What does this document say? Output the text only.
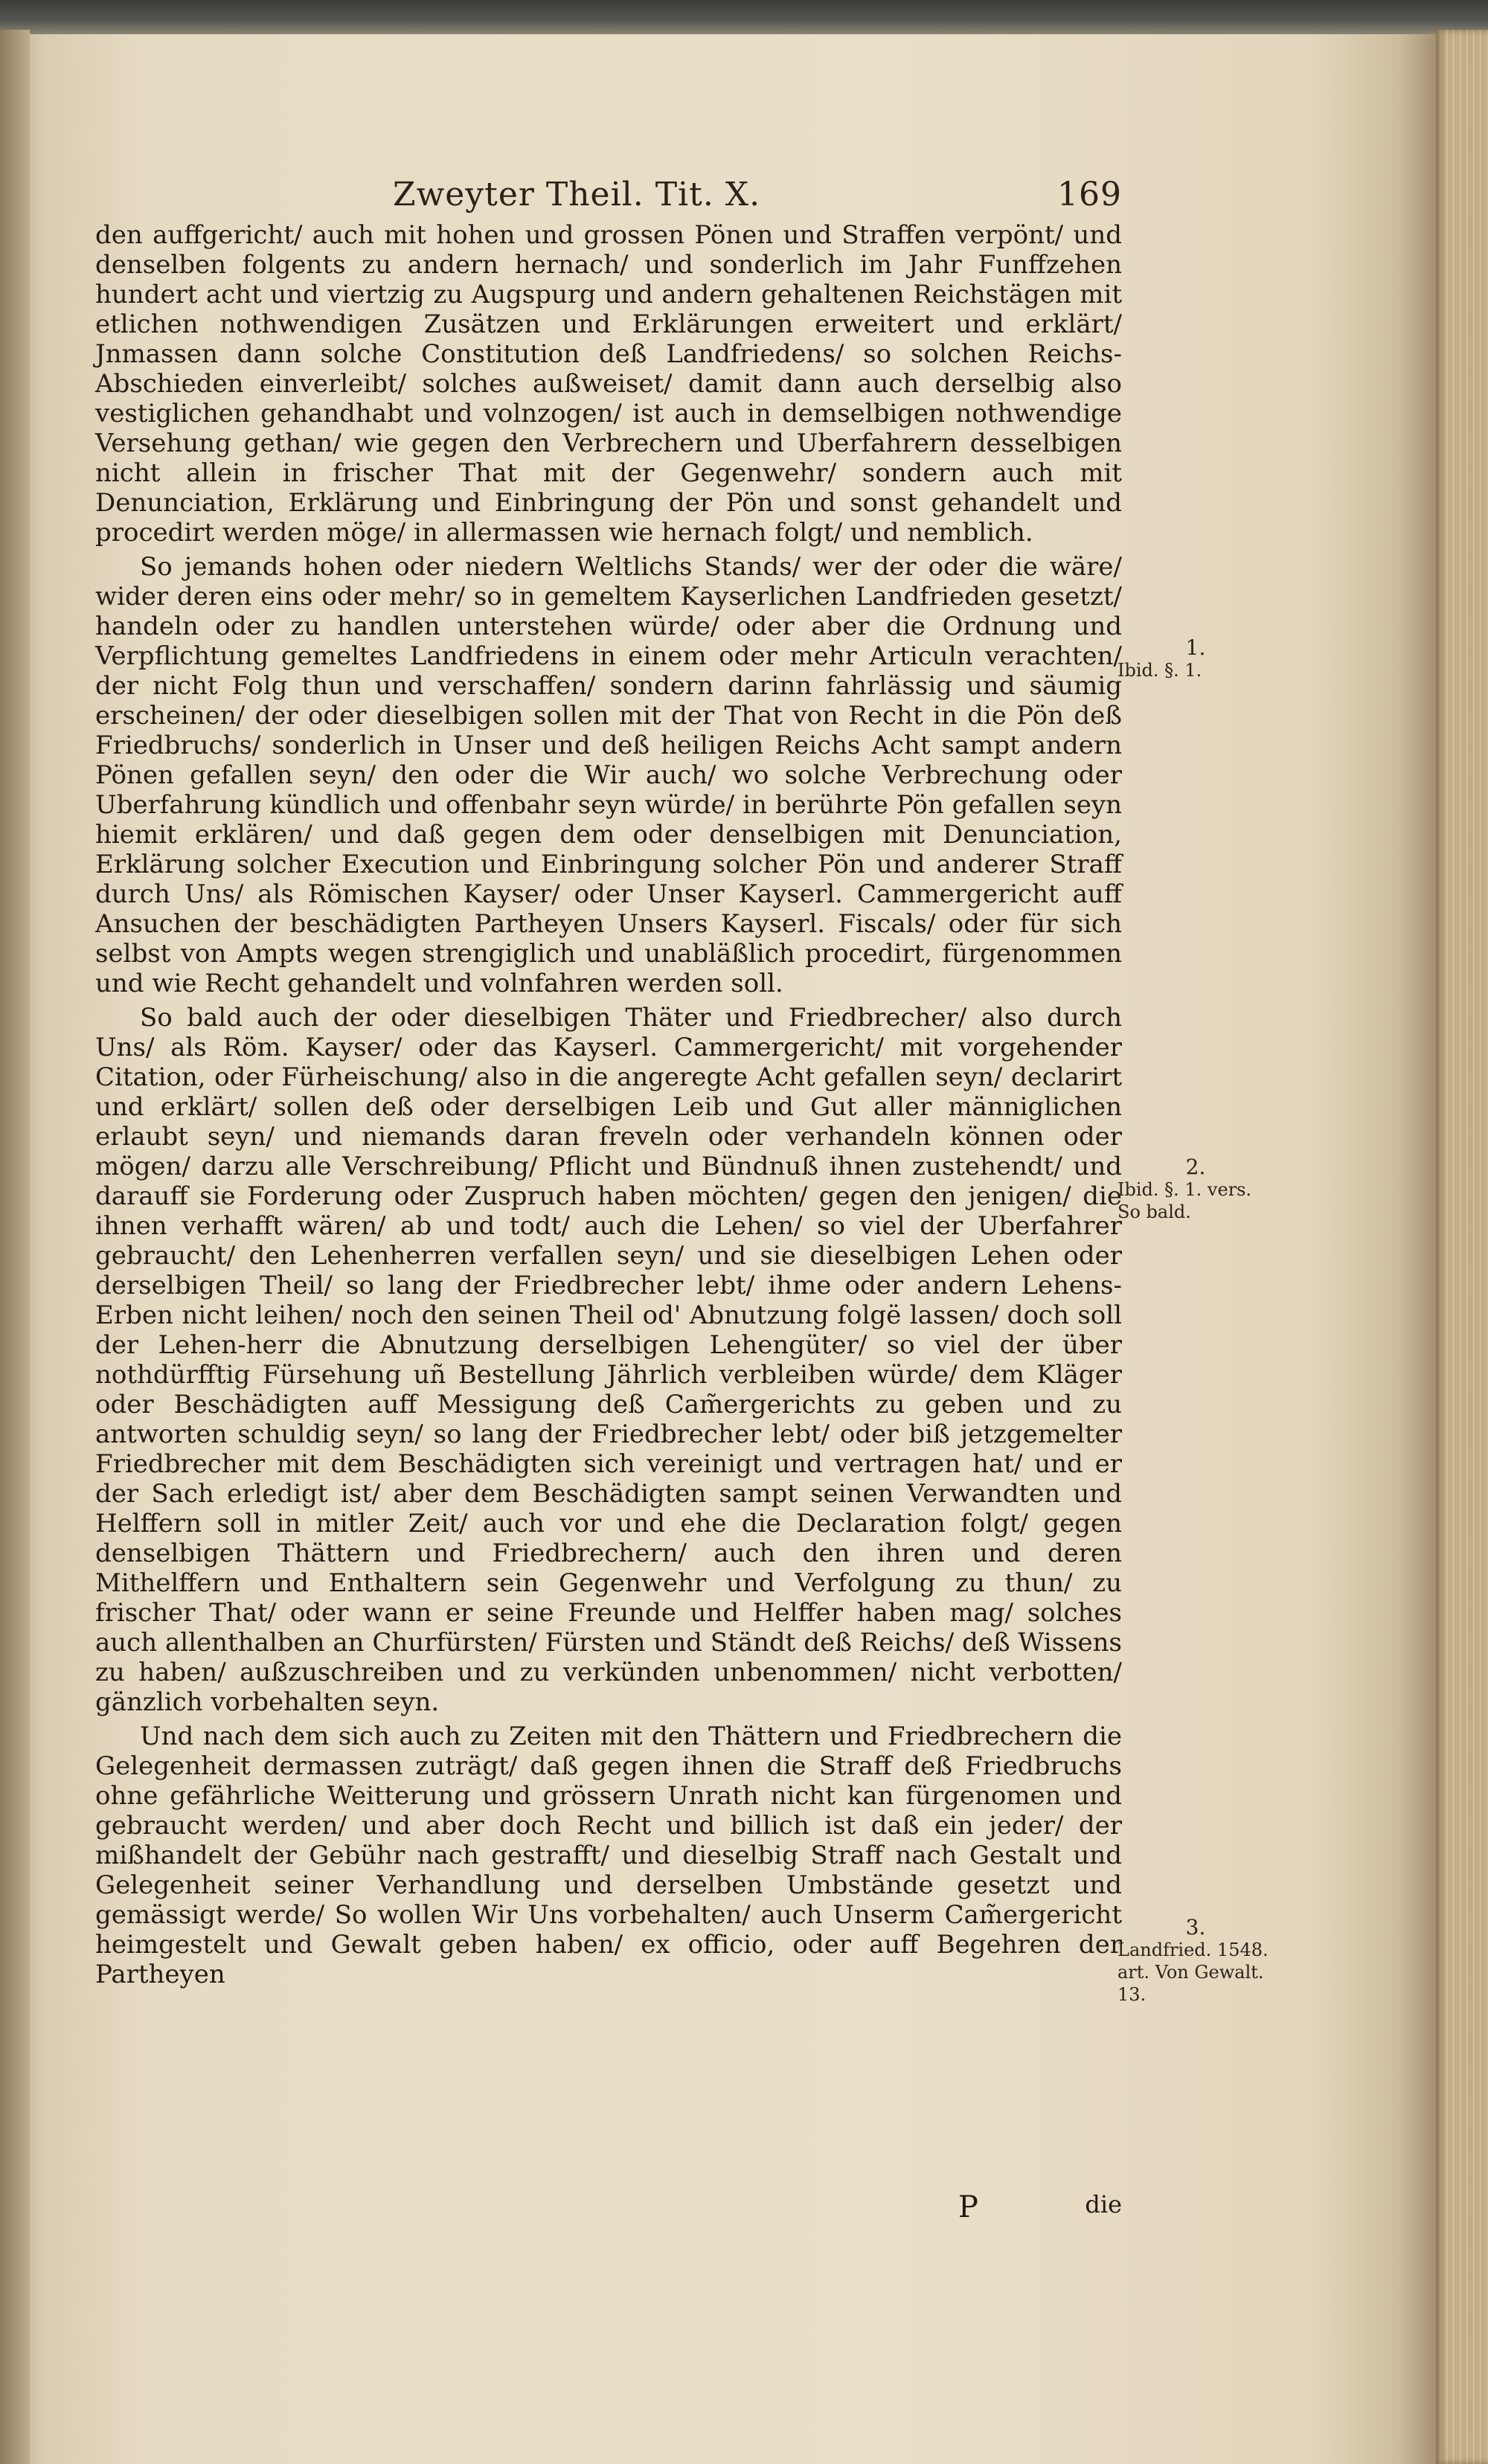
Zweyter Theil. Tit. X.	169

den auffgericht/ auch mit hohen und grossen Pönen und Straffen verpönt/ und denselben folgents zu andern hernach/ und sonderlich im Jahr Funffzehen hundert acht und viertzig zu Augspurg und andern gehaltenen Reichstägen mit etlichen nothwendigen Zusätzen und Erklärungen erweitert und erklärt/ Jnmassen dann solche Constitution deß Landfriedens/ so solchen Reichs-Abschieden einverleibt/ solches außweiset/ damit dann auch derselbig also vestiglichen gehandhabt und volnzogen/ ist auch in demselbigen nothwendige Versehung gethan/ wie gegen den Verbrechern und Uberfahrern desselbigen nicht allein in frischer That mit der Gegenwehr/ sondern auch mit Denunciation, Erklärung und Einbringung der Pön und sonst gehandelt und procedirt werden möge/ in allermassen wie hernach folgt/ und nemblich.

So jemands hohen oder niedern Weltlichs Stands/ wer der oder die wäre/ wider deren eins oder mehr/ so in gemeltem Kayserlichen Landfrieden gesetzt/ handeln oder zu handlen unterstehen würde/ oder aber die Ordnung und Verpflichtung gemeltes Landfriedens in einem oder mehr Articuln verachten/ der nicht Folg thun und verschaffen/ sondern darinn fahrlässig und säumig erscheinen/ der oder dieselbigen sollen mit der That von Recht in die Pön deß Friedbruchs/ sonderlich in Unser und deß heiligen Reichs Acht sampt andern Pönen gefallen seyn/ den oder die Wir auch/ wo solche Verbrechung oder Uberfahrung kündlich und offenbahr seyn würde/ in berührte Pön gefallen seyn hiemit erklären/ und daß gegen dem oder denselbigen mit Denunciation, Erklärung solcher Execution und Einbringung solcher Pön und anderer Straff durch Uns/ als Römischen Kayser/ oder Unser Kayserl. Cammergericht auff Ansuchen der beschädigten Partheyen Unsers Kayserl. Fiscals/ oder für sich selbst von Ampts wegen strengiglich und unabläßlich procedirt, fürgenommen und wie Recht gehandelt und volnfahren werden soll.

So bald auch der oder dieselbigen Thäter und Friedbrecher/ also durch Uns/ als Röm. Kayser/ oder das Kayserl. Cammergericht/ mit vorgehender Citation, oder Fürheischung/ also in die angeregte Acht gefallen seyn/ declarirt und erklärt/ sollen deß oder derselbigen Leib und Gut aller männiglichen erlaubt seyn/ und niemands daran freveln oder verhandeln können oder mögen/ darzu alle Verschreibung/ Pflicht und Bündnuß ihnen zustehendt/ und darauff sie Forderung oder Zuspruch haben möchten/ gegen den jenigen/ die ihnen verhafft wären/ ab und todt/ auch die Lehen/ so viel der Uberfahrer gebraucht/ den Lehenherren verfallen seyn/ und sie dieselbigen Lehen oder derselbigen Theil/ so lang der Friedbrecher lebt/ ihme oder andern Lehens-Erben nicht leihen/ noch den seinen Theil od' Abnutzung folgë lassen/ doch soll der Lehen-herr die Abnutzung derselbigen Lehengüter/ so viel der über nothdürfftig Fürsehung uñ Bestellung Jährlich verbleiben würde/ dem Kläger oder Beschädigten auff Messigung deß Cam̃ergerichts zu geben und zu antworten schuldig seyn/ so lang der Friedbrecher lebt/ oder biß jetzgemelter Friedbrecher mit dem Beschädigten sich vereinigt und vertragen hat/ und er der Sach erledigt ist/ aber dem Beschädigten sampt seinen Verwandten und Helffern soll in mitler Zeit/ auch vor und ehe die Declaration folgt/ gegen denselbigen Thättern und Friedbrechern/ auch den ihren und deren Mithelffern und Enthaltern sein Gegenwehr und Verfolgung zu thun/ zu frischer That/ oder wann er seine Freunde und Helffer haben mag/ solches auch allenthalben an Churfürsten/ Fürsten und Ständt deß Reichs/ deß Wissens zu haben/ außzuschreiben und zu verkünden unbenommen/ nicht verbotten/ gänzlich vorbehalten seyn.

Und nach dem sich auch zu Zeiten mit den Thättern und Friedbrechern die Gelegenheit dermassen zuträgt/ daß gegen ihnen die Straff deß Friedbruchs ohne gefährliche Weitterung und grössern Unrath nicht kan fürgenomen und gebraucht werden/ und aber doch Recht und billich ist daß ein jeder/ der mißhandelt der Gebühr nach gestrafft/ und dieselbig Straff nach Gestalt und Gelegenheit seiner Verhandlung und derselben Umbstände gesetzt und gemässigt werde/ So wollen Wir Uns vorbehalten/ auch Unserm Cam̃ergericht heimgestelt und Gewalt geben haben/ ex officio, oder auff Begehren der Partheyen

1.
Ibid. §. 1.
2.
Ibid. §. 1. vers. So bald.
3.
Landfried. 1548. art. Von Gewalt. 13.

P	die
